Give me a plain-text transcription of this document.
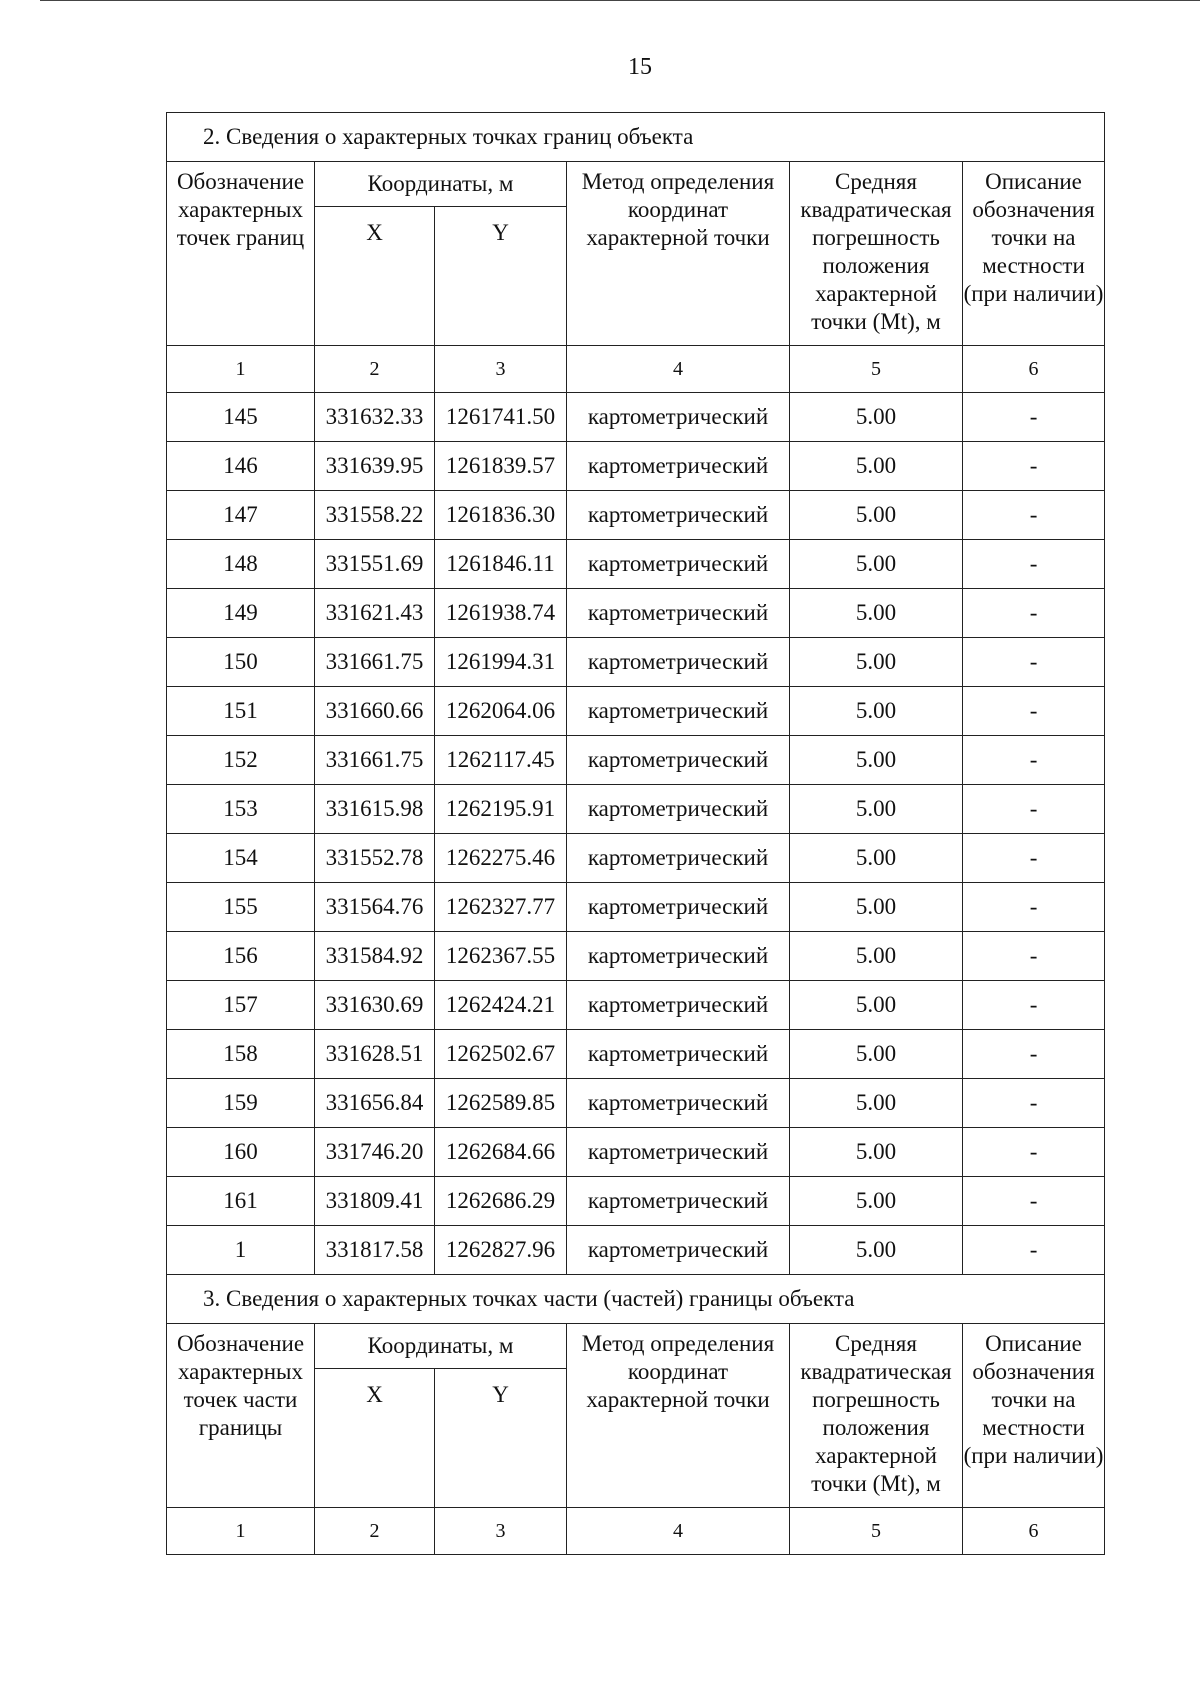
15
2. Сведения о характерных точках границ объекта					
Обозначение характерных точек границ	Координаты, м		Метод определения координат характерной точки	Средняя квадратическая погрешность положения характерной точки (Mt), м	Описание обозначения точки на местности (при наличии)
	X	Y			
1	2	3	4	5	6
145	331632.33	1261741.50	картометрический	5.00	-
146	331639.95	1261839.57	картометрический	5.00	-
147	331558.22	1261836.30	картометрический	5.00	-
148	331551.69	1261846.11	картометрический	5.00	-
149	331621.43	1261938.74	картометрический	5.00	-
150	331661.75	1261994.31	картометрический	5.00	-
151	331660.66	1262064.06	картометрический	5.00	-
152	331661.75	1262117.45	картометрический	5.00	-
153	331615.98	1262195.91	картометрический	5.00	-
154	331552.78	1262275.46	картометрический	5.00	-
155	331564.76	1262327.77	картометрический	5.00	-
156	331584.92	1262367.55	картометрический	5.00	-
157	331630.69	1262424.21	картометрический	5.00	-
158	331628.51	1262502.67	картометрический	5.00	-
159	331656.84	1262589.85	картометрический	5.00	-
160	331746.20	1262684.66	картометрический	5.00	-
161	331809.41	1262686.29	картометрический	5.00	-
1	331817.58	1262827.96	картометрический	5.00	-
3. Сведения о характерных точках части (частей) границы объекта					
Обозначение характерных точек части границы	Координаты, м		Метод определения координат характерной точки	Средняя квадратическая погрешность положения характерной точки (Mt), м	Описание обозначения точки на местности (при наличии)
	X	Y			
1	2	3	4	5	6
